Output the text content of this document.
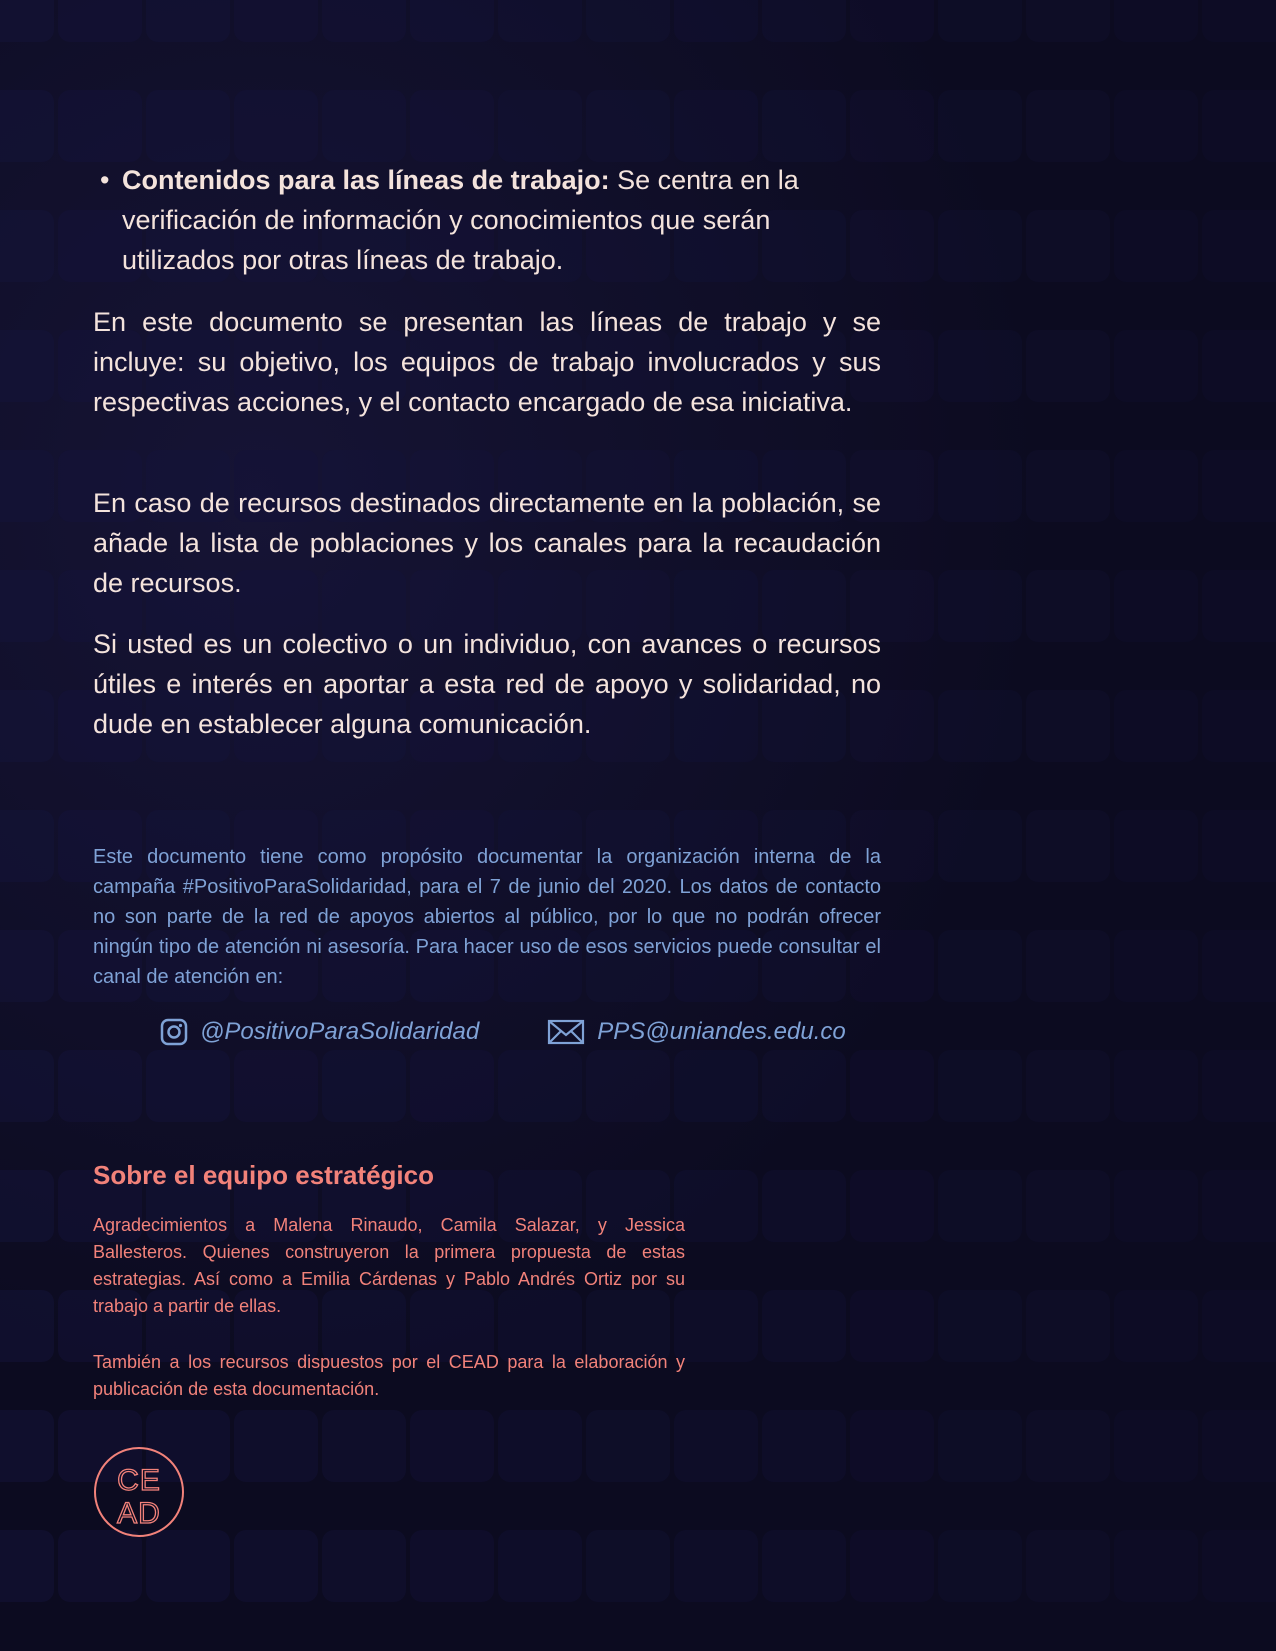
• Contenidos para las líneas de trabajo: Se centra en la verificación de información y conocimientos que serán utilizados por otras líneas de trabajo.

En este documento se presentan las líneas de trabajo y se incluye: su objetivo, los equipos de trabajo involucrados y sus respectivas acciones, y el contacto encargado de esa iniciativa.

En caso de recursos destinados directamente en la población, se añade la lista de poblaciones y los canales para la recaudación de recursos.

Si usted es un colectivo o un individuo, con avances o recursos útiles e interés en aportar a esta red de apoyo y solidaridad, no dude en establecer alguna comunicación.

Este documento tiene como propósito documentar la organización interna de la campaña #PositivoParaSolidaridad, para el 7 de junio del 2020. Los datos de contacto no son parte de la red de apoyos abiertos al público, por lo que no podrán ofrecer ningún tipo de atención ni asesoría. Para hacer uso de esos servicios puede consultar el canal de atención en:

@PositivoParaSolidaridad	PPS@uniandes.edu.co
Sobre el equipo estratégico

Agradecimientos a Malena Rinaudo, Camila Salazar, y Jessica Ballesteros. Quienes construyeron la primera propuesta de estas estrategias. Así como a Emilia Cárdenas y Pablo Andrés Ortiz por su trabajo a partir de ellas.

También a los recursos dispuestos por el CEAD para la elaboración y publicación de esta documentación.

CE
AD
